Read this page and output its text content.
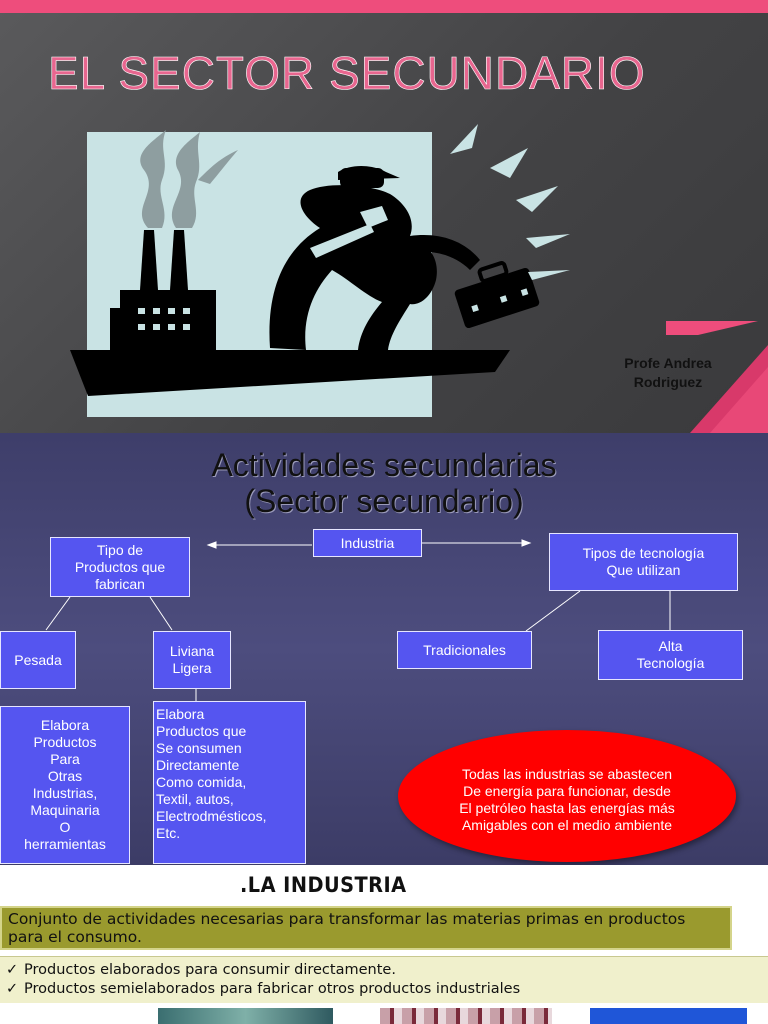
EL SECTOR SECUNDARIO
Profe Andrea
Rodriguez
Actividades secundarias
(Sector secundario)
Industria
Tipo de
Productos que
fabrican
Tipos de tecnología
Que utilizan
Pesada
Liviana
Ligera
Tradicionales	Alta
Tecnología
Elabora
Productos
Para
Otras
Industrias,
Maquinaria
O
herramientas
Elabora
Productos que
Se consumen
Directamente
Como comida,
Textil, autos,
Electrodméstic​os,
Etc.
Todas las industrias se abastecen
De energía para funcionar, desde
El petróleo hasta las energías más
Amigables con el medio ambiente
.LA INDUSTRIA
Conjunto de actividades necesarias para transformar las materias primas en productos para el consumo.
✓ Productos elaborados para consumir directamente.
✓ Productos semielaborados para fabricar otros productos industriales
